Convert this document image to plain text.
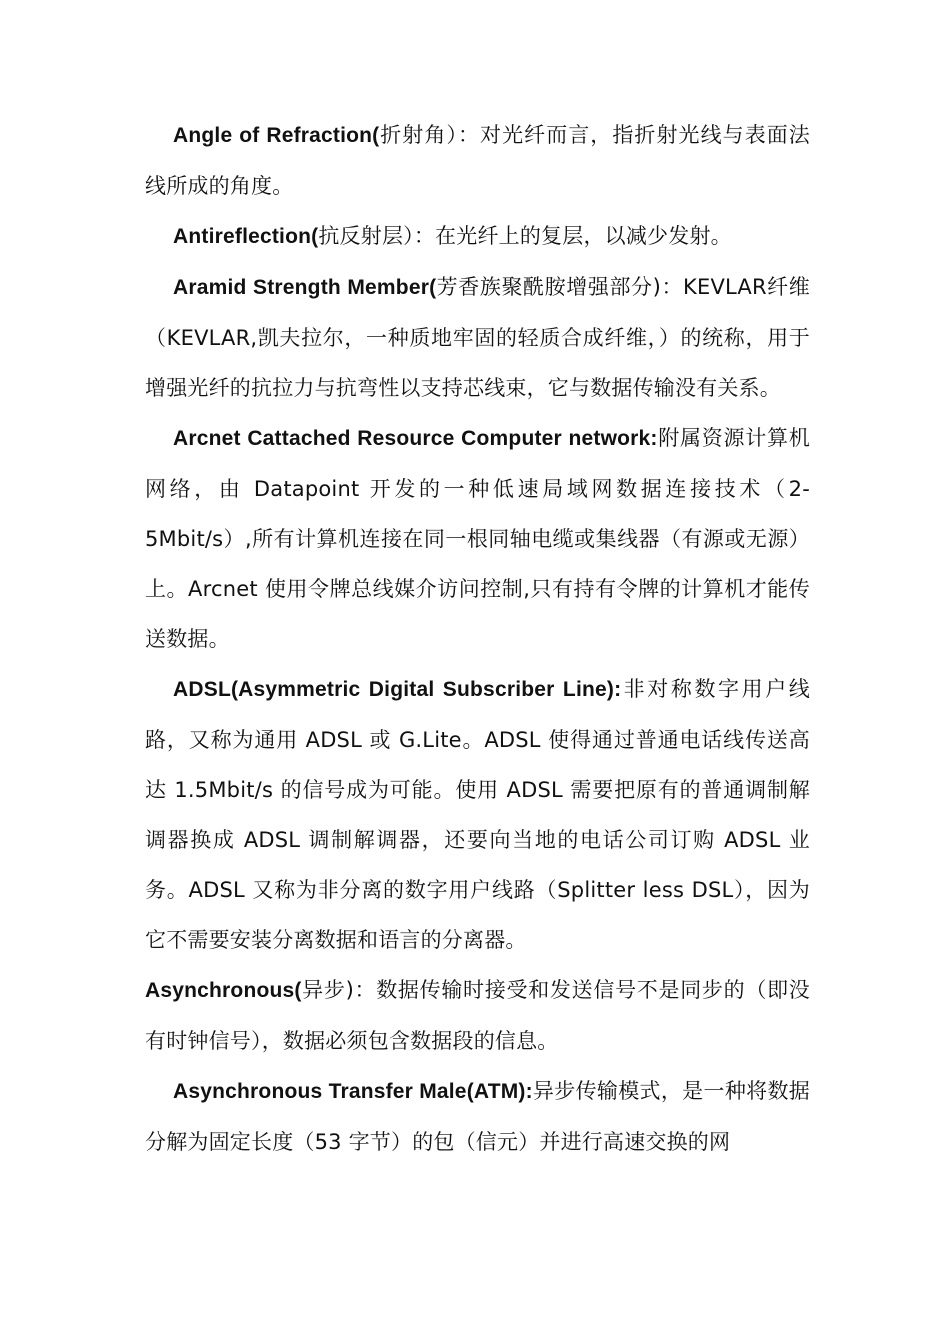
Angle of Refraction(折射角）：对光纤而言，指折射光线与表面法线所成的角度。

Antireflection(抗反射层）：在光纤上的复层，以减少发射。

Aramid Strength Member(芳香族聚酰胺增强部分)：KEVLAR纤维（KEVLAR,凯夫拉尔，一种质地牢固的轻质合成纤维，）的统称，用于增强光纤的抗拉力与抗弯性以支持芯线束，它与数据传输没有关系。

Arcnet Cattached Resource Computer network:附属资源计算机网络，由 Datapoint 开发的一种低速局域网数据连接技术（2-5Mbit/s）,所有计算机连接在同一根同轴电缆或集线器（有源或无源）上。Arcnet 使用令牌总线媒介访问控制,只有持有令牌的计算机才能传送数据。

ADSL(Asymmetric Digital Subscriber Line):非对称数字用户线路，又称为通用 ADSL 或 G.Lite。ADSL 使得通过普通电话线传送高达 1.5Mbit/s 的信号成为可能。使用 ADSL 需要把原有的普通调制解调器换成 ADSL 调制解调器，还要向当地的电话公司订购 ADSL 业务。ADSL 又称为非分离的数字用户线路（Splitter less DSL），因为它不需要安装分离数据和语言的分离器。

Asynchronous(异步)：数据传输时接受和发送信号不是同步的（即没有时钟信号），数据必须包含数据段的信息。

Asynchronous Transfer Male(ATM):异步传输模式，是一种将数据分解为固定长度（53 字节）的包（信元）并进行高速交换的网
